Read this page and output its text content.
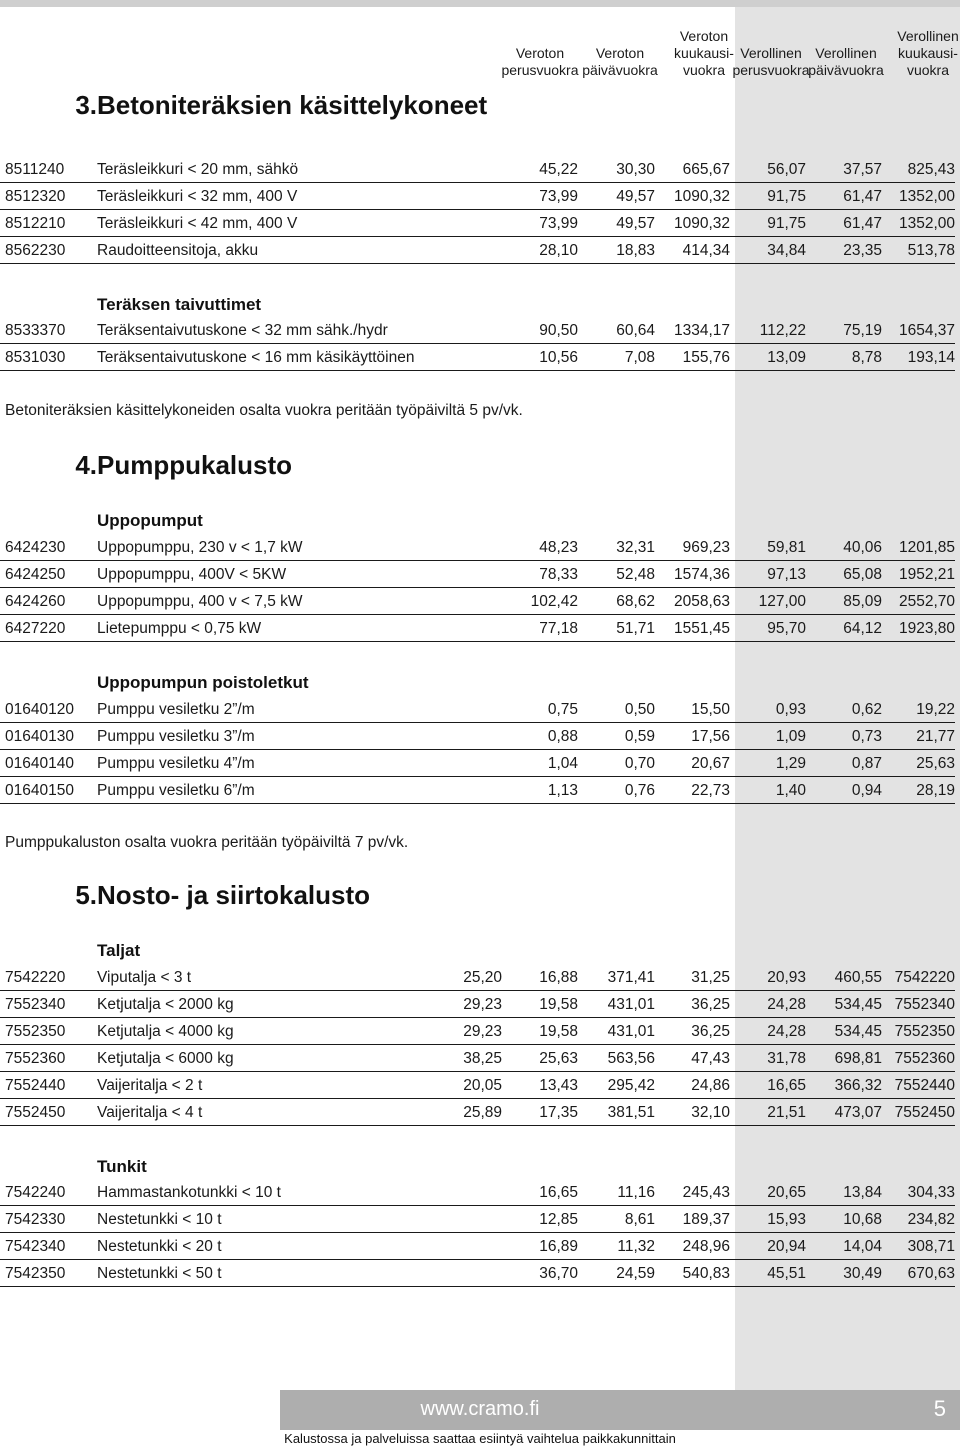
Veroton
perusvuokra

Veroton
päivävuokra
Veroton
kuukausi-
vuokra

Verollinen
perusvuokra

Verollinen
päivävuokra
Verollinen
kuukausi-
vuokra
3.Betoniteräksien käsittelykoneet
4.Pumppukalusto
5.Nosto- ja siirtokalusto
Teräksen taivuttimet
Uppopumput
Uppopumpun poistoletkut
Taljat
Tunkit
Betoniteräksien käsittelykoneiden osalta vuokra peritään työpäiviltä 5 pv/vk.
Pumppukaluston osalta vuokra peritään työpäiviltä 7 pv/vk.
8511240 Teräsleikkuri < 20 mm, sähkö	45,22 30,30 665,67 56,07 37,57 825,43
8512320 Teräsleikkuri < 32 mm, 400 V	73,99 49,57 1090,32 91,75 61,47 1352,00
8512210 Teräsleikkuri < 42 mm, 400 V	73,99 49,57 1090,32 91,75 61,47 1352,00
8562230 Raudoitteensitoja, akku	28,10 18,83 414,34 34,84 23,35 513,78
8533370 Teräksentaivutuskone < 32 mm sähk./hydr	90,50 60,64 1334,17 112,22 75,19 1654,37
8531030 Teräksentaivutuskone < 16 mm käsikäyttöinen	10,56	7,08 155,76 13,09	8,78 193,14
6424230 Uppopumppu, 230 v < 1,7 kW	48,23 32,31 969,23 59,81 40,06 1201,85
6424250 Uppopumppu, 400V < 5KW	78,33 52,48 1574,36 97,13 65,08 1952,21
6424260 Uppopumppu, 400 v < 7,5 kW	102,42 68,62 2058,63 127,00 85,09 2552,70
6427220 Lietepumppu < 0,75 kW	77,18 51,71 1551,45 95,70 64,12 1923,80
01640120 Pumppu vesiletku 2”/m	0,75	0,50 15,50	0,93	0,62 19,22
01640130 Pumppu vesiletku 3”/m	0,88	0,59 17,56	1,09	0,73 21,77
01640140 Pumppu vesiletku 4”/m	1,04	0,70 20,67	1,29	0,87 25,63
01640150 Pumppu vesiletku 6”/m	1,13	0,76 22,73	1,40	0,94 28,19
7542220 Viputalja < 3 t	25,20 16,88 371,41 31,25 20,93 460,55 7542220
7552340 Ketjutalja < 2000 kg	29,23 19,58 431,01 36,25 24,28 534,45 7552340
7552350 Ketjutalja < 4000 kg	29,23 19,58 431,01 36,25 24,28 534,45 7552350
7552360 Ketjutalja < 6000 kg	38,25 25,63 563,56 47,43 31,78 698,81 7552360
7552440 Vaijeritalja < 2 t	20,05 13,43 295,42 24,86 16,65 366,32 7552440
7552450 Vaijeritalja < 4 t	25,89 17,35 381,51 32,10 21,51 473,07 7552450
7542240 Hammastankotunkki < 10 t	16,65	11,16 245,43 20,65 13,84 304,33
7542330 Nestetunkki < 10 t	12,85	8,61 189,37 15,93 10,68 234,82
7542340 Nestetunkki < 20 t	16,89	11,32 248,96 20,94 14,04 308,71
7542350 Nestetunkki < 50 t	36,70 24,59 540,83 45,51 30,49 670,63
www.cramo.fi	5
Kalustossa ja palveluissa saattaa esiintyä vaihtelua paikkakunnittain
